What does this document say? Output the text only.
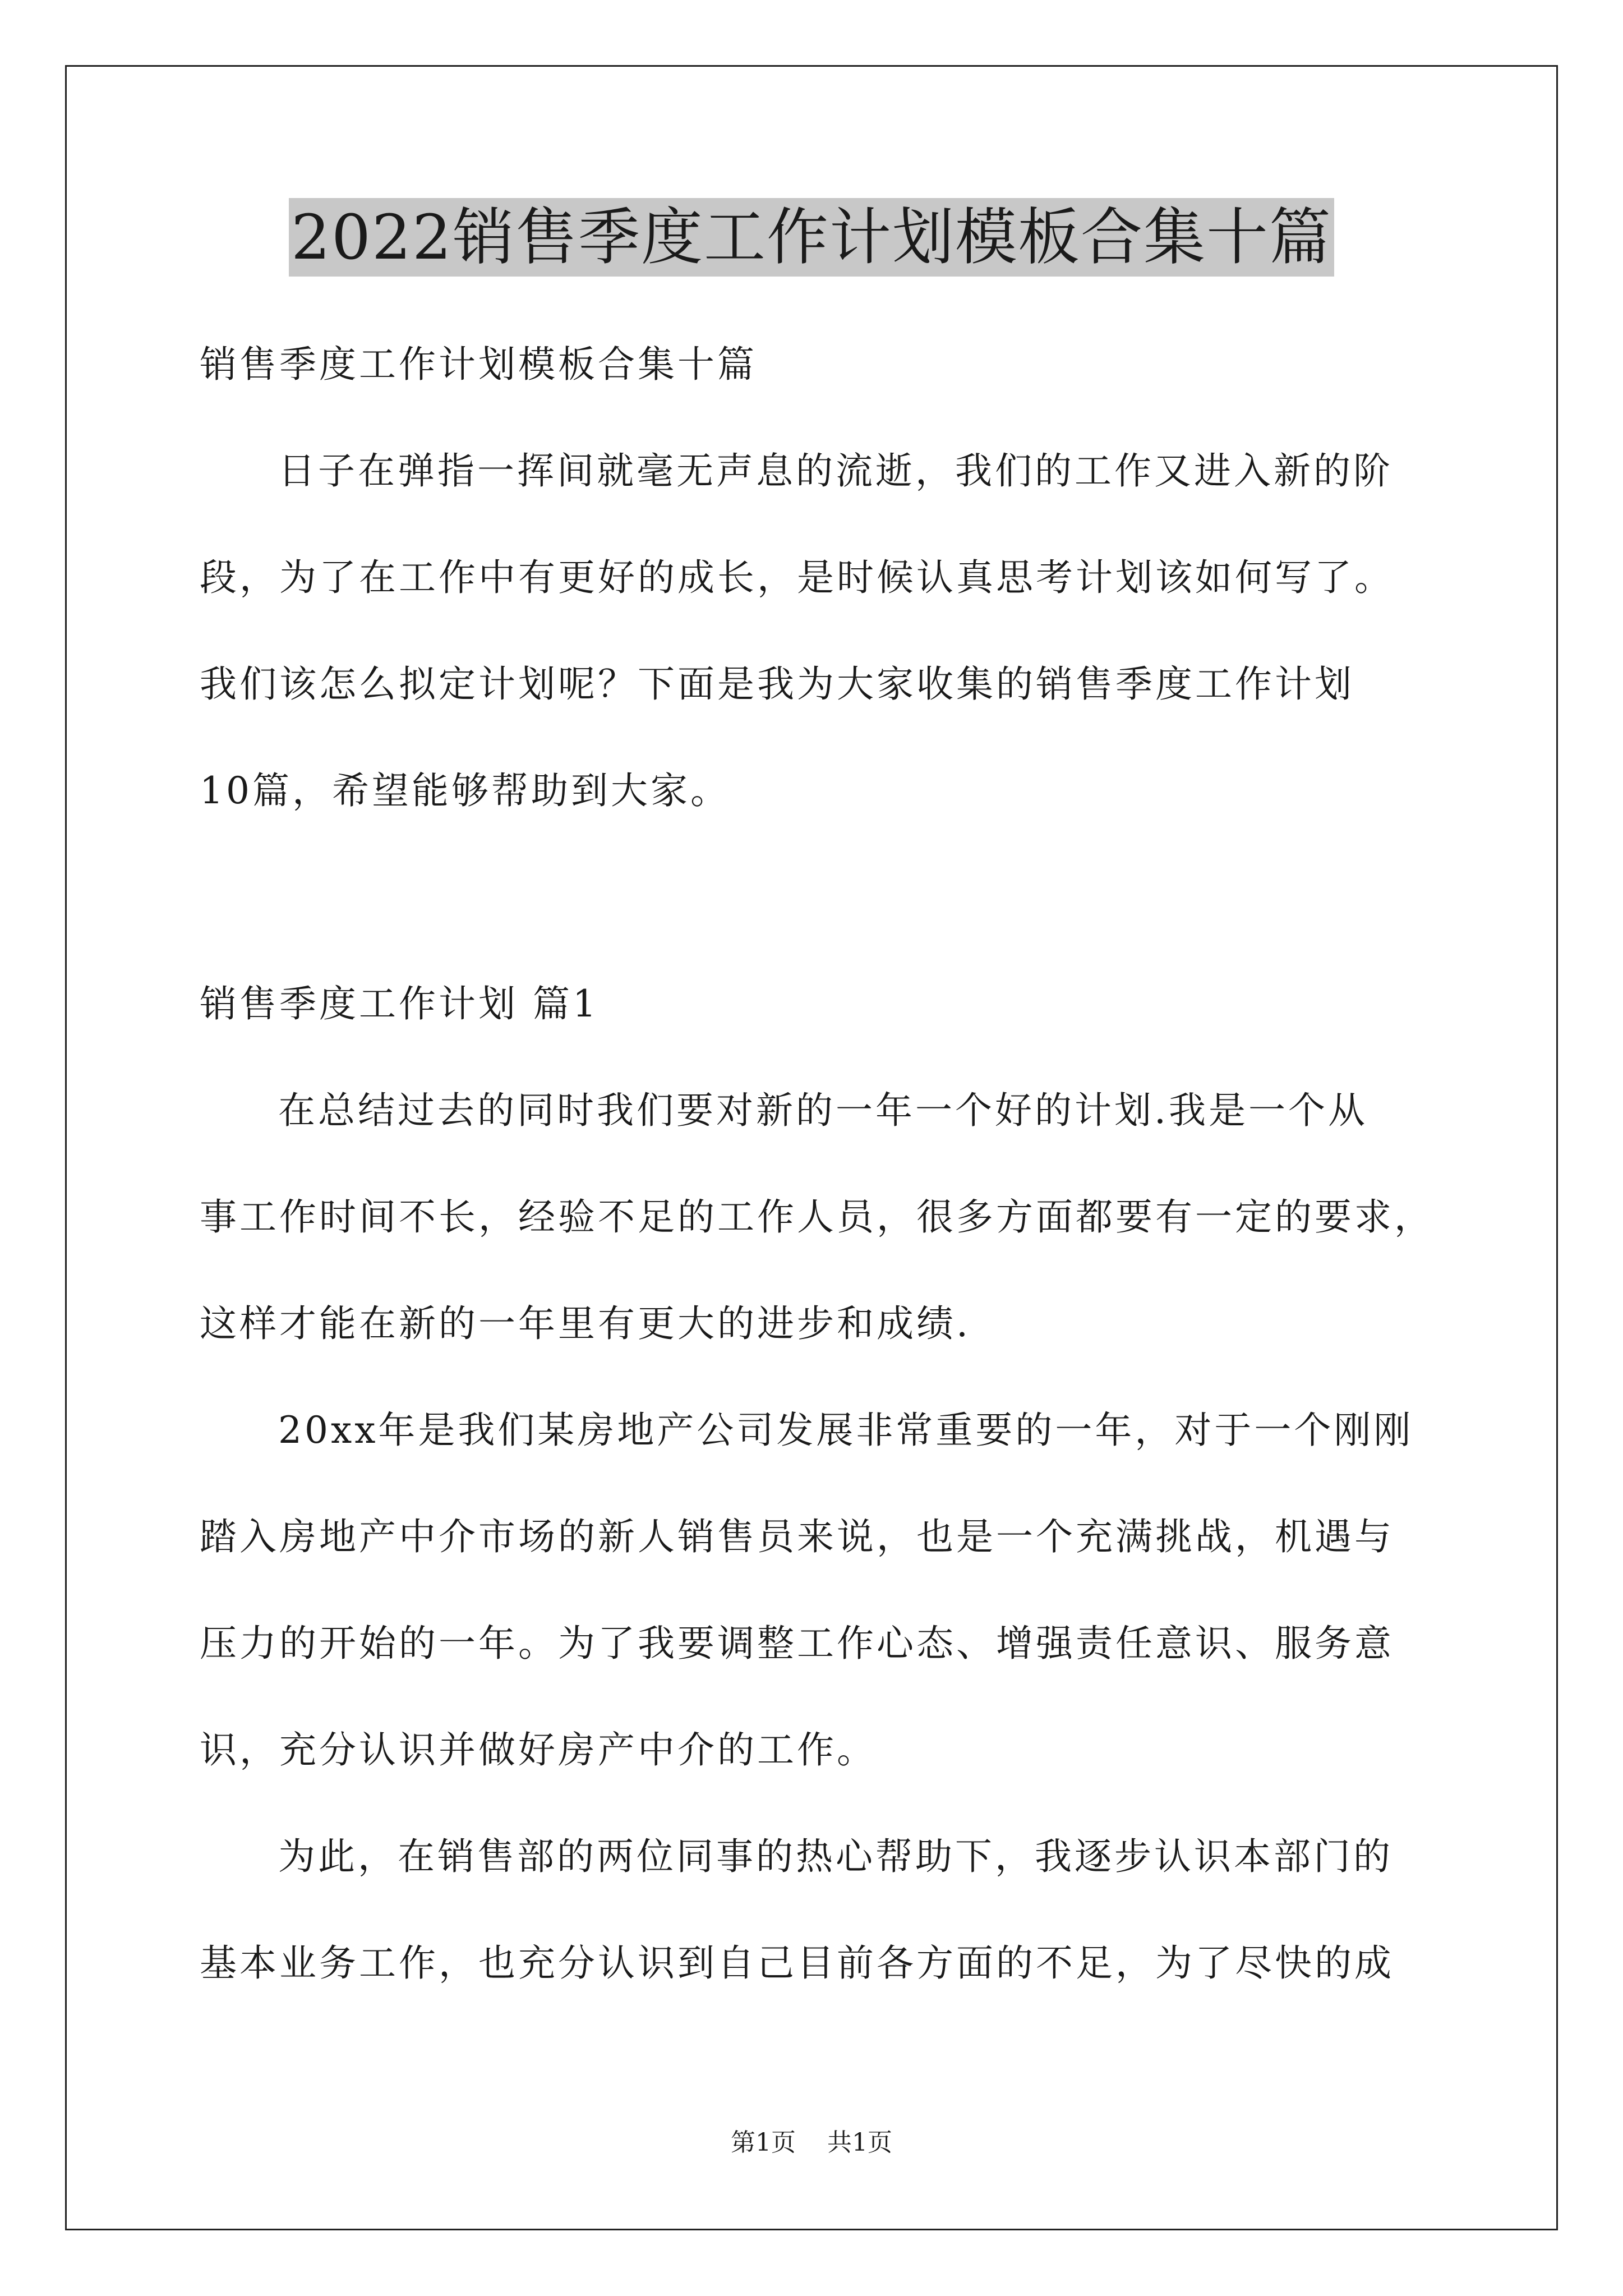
2022销售季度工作计划模板合集十篇
销售季度工作计划模板合集十篇
日子在弹指一挥间就毫无声息的流逝，我们的工作又进入新的阶
段，为了在工作中有更好的成长，是时候认真思考计划该如何写了。
我们该怎么拟定计划呢？下面是我为大家收集的销售季度工作计划
10篇，希望能够帮助到大家。
销售季度工作计划 篇1
在总结过去的同时我们要对新的一年一个好的计划.我是一个从
事工作时间不长，经验不足的工作人员，很多方面都要有一定的要求，
这样才能在新的一年里有更大的进步和成绩.
20xx年是我们某房地产公司发展非常重要的一年，对于一个刚刚
踏入房地产中介市场的新人销售员来说，也是一个充满挑战，机遇与
压力的开始的一年。为了我要调整工作心态、增强责任意识、服务意
识，充分认识并做好房产中介的工作。
为此，在销售部的两位同事的热心帮助下，我逐步认识本部门的
基本业务工作，也充分认识到自己目前各方面的不足，为了尽快的成
第1页 共1页
